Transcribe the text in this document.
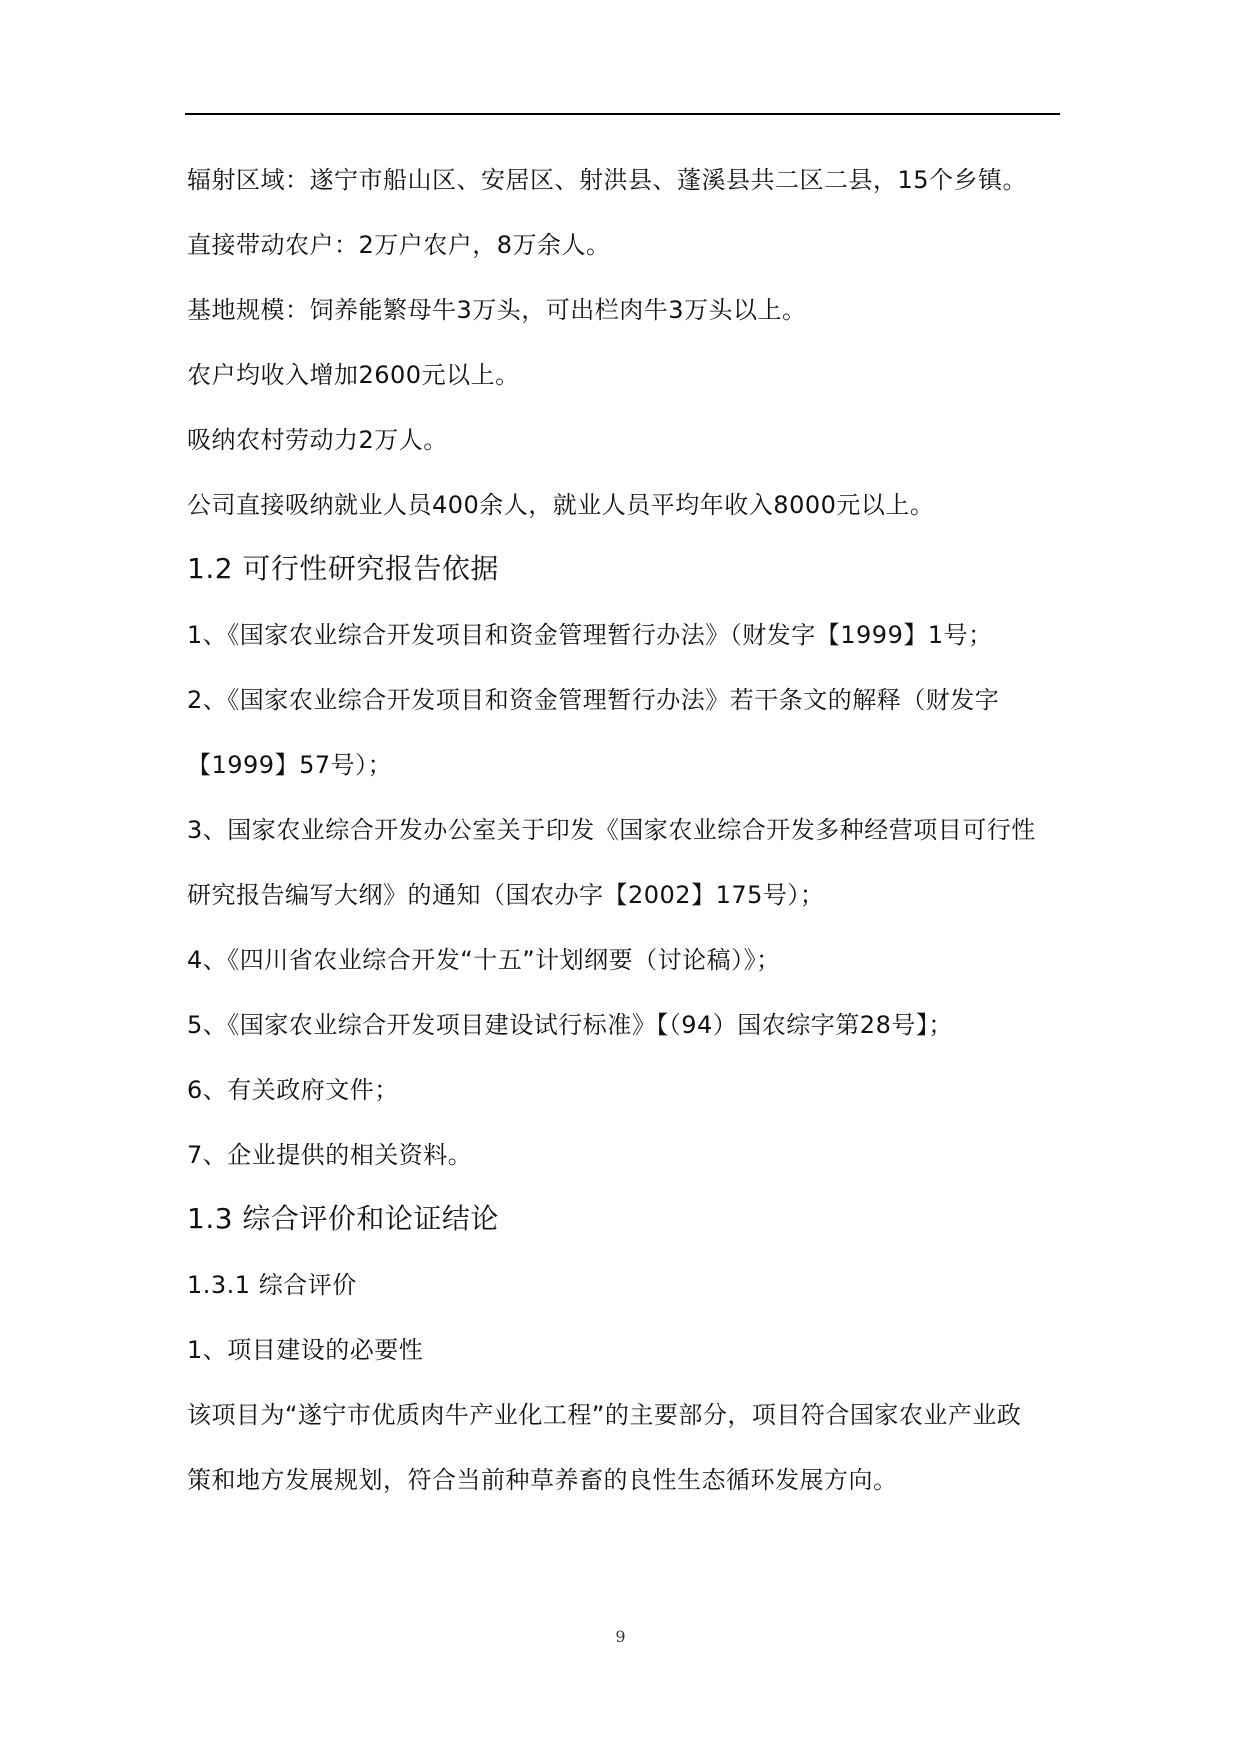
辐射区域：遂宁市船山区、安居区、射洪县、蓬溪县共二区二县，15个乡镇。
直接带动农户：2万户农户，8万余人。
基地规模：饲养能繁母牛3万头，可出栏肉牛3万头以上。
农户均收入增加2600元以上。
吸纳农村劳动力2万人。
公司直接吸纳就业人员400余人，就业人员平均年收入8000元以上。
1.2 可行性研究报告依据
1、《国家农业综合开发项目和资金管理暂行办法》（财发字【1999】1号；
2、《国家农业综合开发项目和资金管理暂行办法》若干条文的解释（财发字
【1999】57号）；
3、国家农业综合开发办公室关于印发《国家农业综合开发多种经营项目可行性
研究报告编写大纲》的通知（国农办字【2002】175号）；
4、《四川省农业综合开发“十五”计划纲要（讨论稿）》；
5、《国家农业综合开发项目建设试行标准》【（94）国农综字第28号】；
6、有关政府文件；
7、企业提供的相关资料。
1.3 综合评价和论证结论
1.3.1 综合评价
1、项目建设的必要性
该项目为“遂宁市优质肉牛产业化工程”的主要部分，项目符合国家农业产业政
策和地方发展规划，符合当前种草养畜的良性生态循环发展方向。
9
